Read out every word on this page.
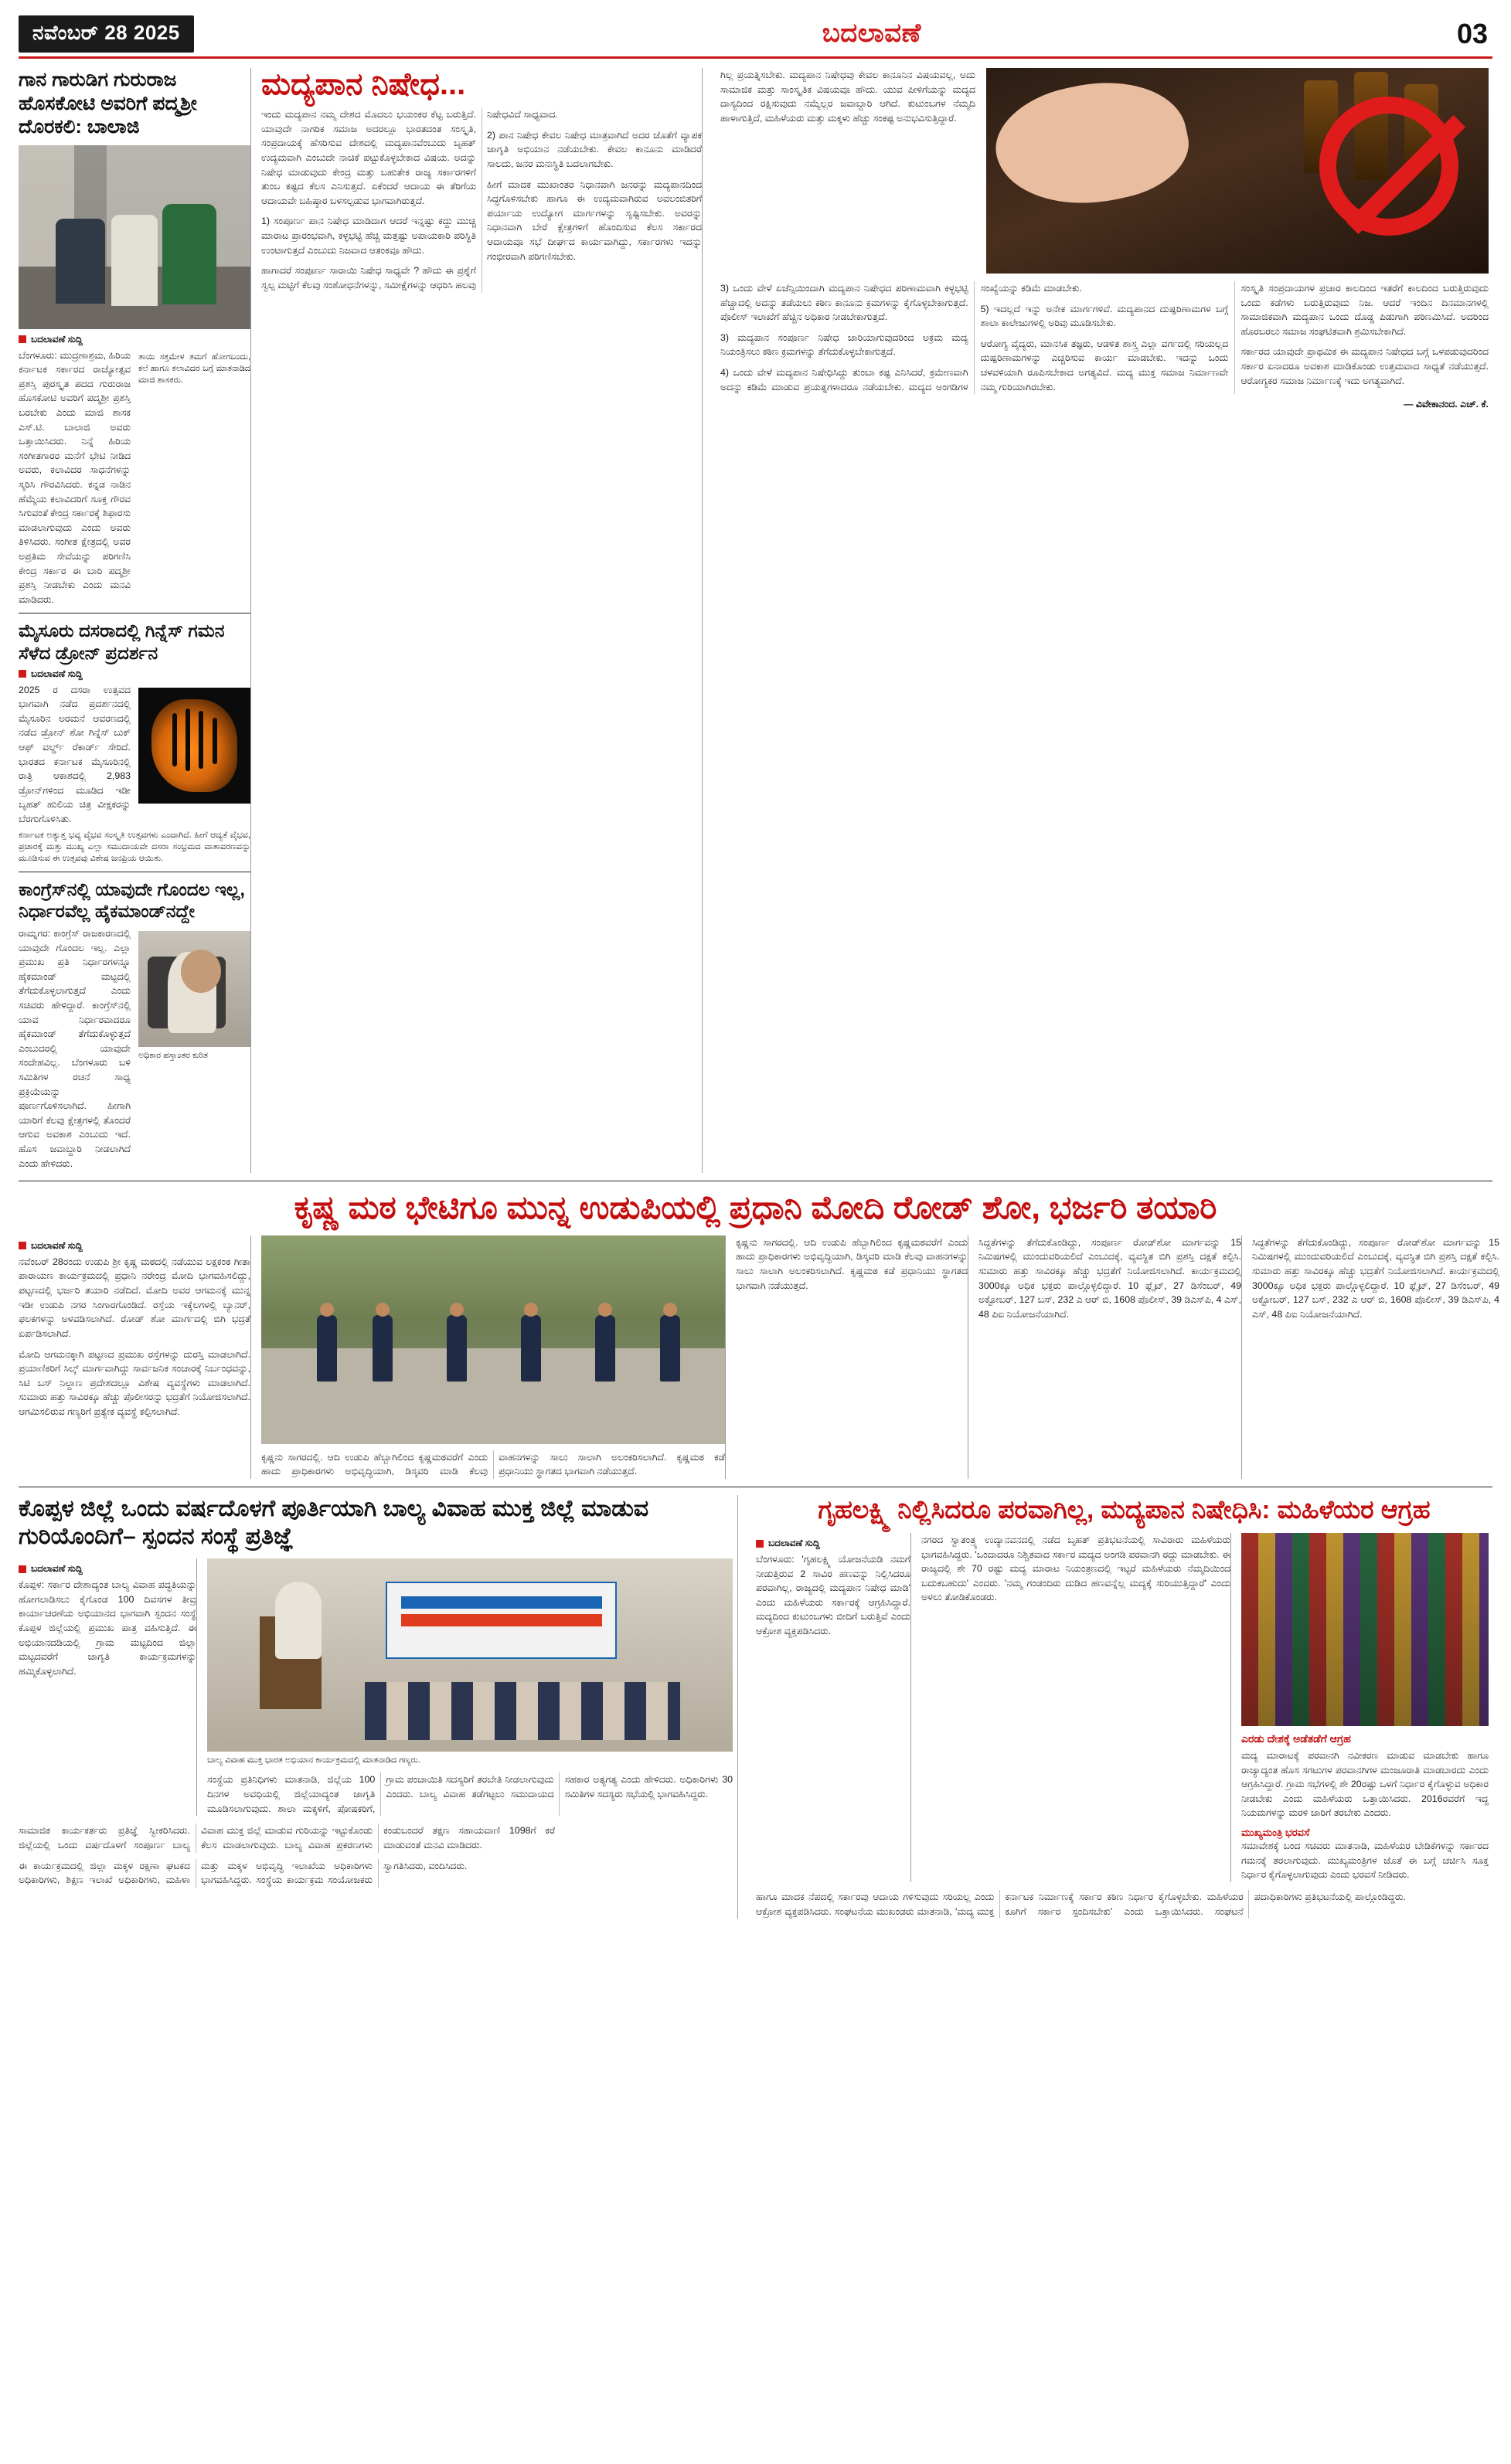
ನವೆಂಬರ್ 28 2025	ಬದಲಾವಣೆ	03
ಗಾನ ಗಾರುಡಿಗ ಗುರುರಾಜ ಹೊಸಕೋಟಿ ಅವರಿಗೆ ಪದ್ಮಶ್ರೀ ದೊರಕಲಿ: ಬಾಲಾಜಿ
ಬದಲಾವಣೆ ಸುದ್ದಿ
ಬೆಂಗಳೂರು: ಮುದ್ರಣಾಶ್ರಮ, ಹಿರಿಯ ಕರ್ನಾಟಕ ಸರ್ಕಾರದ ರಾಜ್ಯೋತ್ಸವ ಪ್ರಶಸ್ತಿ ಪುರಸ್ಕೃತ ಪದದ ಗುರುರಾಜ ಹೊಸಕೋಟಿ ಅವರಿಗೆ ಪದ್ಮಶ್ರೀ ಪ್ರಶಸ್ತಿ ಬರಬೇಕು ಎಂದು ಮಾಜಿ ಶಾಸಕ ಎಸ್.ಟಿ. ಬಾಲಾಜಿ ಅವರು ಒತ್ತಾಯಿಸಿದರು. ನಿನ್ನೆ ಹಿರಿಯ ಸಂಗೀತಗಾರರ ಮನೆಗೆ ಭೇಟಿ ನೀಡಿದ ಅವರು, ಕಲಾವಿದರ ಸಾಧನೆಗಳನ್ನು ಸ್ಮರಿಸಿ ಗೌರವಿಸಿದರು. ಕನ್ನಡ ನಾಡಿನ ಹೆಮ್ಮೆಯ ಕಲಾವಿದರಿಗೆ ಸೂಕ್ತ ಗೌರವ ಸಿಗುವಂತೆ ಕೇಂದ್ರ ಸರ್ಕಾರಕ್ಕೆ ಶಿಫಾರಸು ಮಾಡಲಾಗುವುದು ಎಂದು ಅವರು ತಿಳಿಸಿದರು. ಸಂಗೀತ ಕ್ಷೇತ್ರದಲ್ಲಿ ಅವರ ಅಪ್ರತಿಮ ಸೇವೆಯನ್ನು ಪರಿಗಣಿಸಿ ಕೇಂದ್ರ ಸರ್ಕಾರ ಈ ಬಾರಿ ಪದ್ಮಶ್ರೀ ಪ್ರಶಸ್ತಿ ನೀಡಬೇಕು ಎಂದು ಮನವಿ ಮಾಡಿದರು.
ತಾಯಿ ಸಕ್ತಮೇಳ ತಮಗೆ ಹೋಗಬಂದು, ಕಲೆ ಹಾಗೂ ಕಲಾವಿದರ ಬಗ್ಗೆ ಮಾತನಾಡಿದ ಮಾಜಿ ಶಾಸಕರು.
ಮೈಸೂರು ದಸರಾದಲ್ಲಿ ಗಿನ್ನೆಸ್ ಗಮನ ಸೆಳೆದ ಡ್ರೋನ್ ಪ್ರದರ್ಶನ
ಬದಲಾವಣೆ ಸುದ್ದಿ
2025 ರ ದಸರಾ ಉತ್ಸವದ ಭಾಗವಾಗಿ ನಡೆದ ಪ್ರದರ್ಶನದಲ್ಲಿ ಮೈಸೂರಿನ ಅರಮನೆ ಆವರಣದಲ್ಲಿ ನಡೆದ ಡ್ರೋನ್ ಶೋ ಗಿನ್ನೆಸ್ ಬುಕ್ ಆಫ್ ವರ್ಲ್ಡ್ ರೆಕಾರ್ಡ್ ಸೇರಿದೆ. ಭಾರತದ ಕರ್ನಾಟಕ ಮೈಸೂರಿನಲ್ಲಿ ರಾತ್ರಿ ಆಕಾಶದಲ್ಲಿ 2,983 ಡ್ರೋನ್‌ಗಳಿಂದ ಮೂಡಿದ ಇಡೀ ಬೃಹತ್ ಹುಲಿಯ ಚಿತ್ರ ವೀಕ್ಷಕರನ್ನು ಬೆರಗುಗೊಳಿಸಿತು.
ಕರ್ನಾಟಕ ಅತ್ಯುತ್ತ ಭವ್ಯ ವೈಭವ ಸಂಸ್ಕೃತಿ ಉತ್ಸವಗಳು ಎಂದಾಗಿದೆ. ಹೀಗೆ ಆದ್ಯತೆ ವೈಭವ, ಪ್ರಚಾರಕ್ಕೆ ಮತ್ತು ಮುಖ್ಯ ಎಲ್ಲಾ ಸಮುದಾಯವೇ ದಸರಾ ಸಂಭ್ರಮದ ವಾತಾವರಣವನ್ನು ಮೂಡಿಸುವ ಈ ಉತ್ಸವವು ವಿಶೇಷ ಜನಪ್ರಿಯ ಆಯಿತು.
ಕಾಂಗ್ರೆಸ್‌ನಲ್ಲಿ ಯಾವುದೇ ಗೊಂದಲ ಇಲ್ಲ, ನಿರ್ಧಾರವೆಲ್ಲ ಹೈಕಮಾಂಡ್‌ನದ್ದೇ
ರಾಮ್ನಗರ: ಕಾಂಗ್ರೆಸ್ ರಾಜಕಾರಣದಲ್ಲಿ ಯಾವುದೇ ಗೊಂದಲ ಇಲ್ಲ. ಎಲ್ಲಾ ಪ್ರಮುಖ ಪ್ರತಿ ನಿರ್ಧಾರಗಳನ್ನೂ ಹೈಕಮಾಂಡ್ ಮಟ್ಟದಲ್ಲಿ ತೆಗೆದುಕೊಳ್ಳಲಾಗುತ್ತದೆ ಎಂದು ಸಚಿವರು ಹೇಳಿದ್ದಾರೆ. ಕಾಂಗ್ರೆಸ್‌ನಲ್ಲಿ ಯಾವ ನಿರ್ಧಾರವಾದರೂ ಹೈಕಮಾಂಡ್ ತೆಗೆದುಕೊಳ್ಳುತ್ತದೆ ಎಂಬುದರಲ್ಲಿ ಯಾವುದೇ ಸಂದೇಹವಿಲ್ಲ. ಬೆಂಗಳೂರು ಬಳಿ ಸಮಿತಿಗಳ ರಚನೆ ಸಾಧ್ಯ ಪ್ರಕ್ರಿಯೆಯನ್ನು ಪೂರ್ಣಗೊಳಿಸಲಾಗಿದೆ. ಹೀಗಾಗಿ ಯಾರಿಗೆ ಕೆಲವು ಕ್ಷೇತ್ರಗಳಲ್ಲಿ ತೊಂದರೆ ಆಗುವ ಅವಕಾಶ ಎಂಬುದು ಇದೆ. ಹೊಸ ಜವಾಬ್ದಾರಿ ನೀಡಲಾಗಿದೆ ಎಂದು ಹೇಳಿದರು.
ಅಧಿಕಾರ ಹಸ್ತಾಂತರ ಕುರಿತ
ಮದ್ಯಪಾನ ನಿಷೇಧ...
ಇಂದು ಮದ್ಯಪಾನ ನಮ್ಮ ದೇಶದ ಮೊದಲು ಭಯಂಕರ ಕೆಟ್ಟ ಬರುತ್ತಿದೆ. ಯಾವುದೇ ನಾಗರಿಕ ಸಮಾಜ ಅದರಲ್ಲೂ ಭಾರತದಂತ ಸಂಸ್ಕೃತಿ, ಸಂಪ್ರದಾಯಕ್ಕೆ ಹೆಸರಿಸುವ ದೇಶದಲ್ಲಿ ಮದ್ಯಪಾನವೆಂಬುದು ಬೃಹತ್ ಉದ್ಯಮವಾಗಿ ಎಂಬುದೇ ನಾಚಿಕೆ ಪಟ್ಟುಕೊಳ್ಳಬೇಕಾದ ವಿಷಯ. ಅದನ್ನು ನಿಷೇಧ ಮಾಡುವುದು ಕೇಂದ್ರ ಮತ್ತು ಬಹುತೇಕ ರಾಜ್ಯ ಸರ್ಕಾರಗಳಿಗೆ ತುಂಬ ಕಷ್ಟದ ಕೆಲಸ ಎನಿಸುತ್ತದೆ. ಏಕೆಂದರೆ ಆದಾಯ ಈ ತೆರಿಗೆಯ ಆದಾಯವೇ ಬಹಿಷ್ಠಾರ ಬಳಸಲ್ಪಡುವ ಭಾಗವಾಗಿರುತ್ತದೆ.
1) ಸಂಪೂರ್ಣ ಪಾನ ನಿಷೇಧ ಮಾಡಿದಾಗ ಆದರೆ ಇನ್ನಷ್ಟು ಕದ್ದು ಮುಚ್ಚಿ ಮಾರಾಟ ಪ್ರಾರಂಭವಾಗಿ, ಕಳ್ಳಭಟ್ಟಿ ಹೆಚ್ಚಿ ಮತ್ತಷ್ಟು ಅಪಾಯಕಾರಿ ಪರಿಸ್ಥಿತಿ ಉಂಟಾಗುತ್ತದೆ ಎಂಬುದು ನಿಜವಾದ ಆತಂಕವೂ ಹೌದು.
ಹಾಗಾದರೆ ಸಂಪೂರ್ಣ ಸಾರಾಯಿ ನಿಷೇಧ ಸಾಧ್ಯವೇ ? ಹೌದು ಈ ಪ್ರಶ್ನೆಗೆ ಸ್ವಲ್ಪ ಮಟ್ಟಿಗೆ ಕೆಲವು ಸಂಶೋಧನೆಗಳನ್ನು, ಸಮೀಕ್ಷೆಗಳನ್ನು ಆಧರಿಸಿ ಹಲವು ನಿಷೇಧವಿದೆ ಸಾಧ್ಯವಾದ.
2) ಪಾನ ನಿಷೇಧ ಕೇವಲ ನಿಷೇಧ ಮಾತ್ರವಾಗಿದೆ ಅದರ ಜೊತೆಗೆ ವ್ಯಾಪಕ ಜಾಗೃತಿ ಅಭಿಯಾನ ನಡೆಯಬೇಕು. ಕೇವಲ ಕಾನೂನು ಮಾಡಿದರೆ ಸಾಲದು, ಜನರ ಮನಃಸ್ಥಿತಿ ಬದಲಾಗಬೇಕು.
ಹೀಗೆ ಮಾದಕ ಮುಖಾಂತರ ನಿಧಾನವಾಗಿ ಜನರನ್ನು ಮದ್ಯಪಾನದಿಂದ ಸಿದ್ಧಗೊಳಿಸಬೇಕು ಹಾಗೂ ಈ ಉದ್ಯಮವಾಗಿರುವ ಅವಲಂಬಿತರಿಗೆ ಪರ್ಯಾಯ ಉದ್ಯೋಗ ಮಾರ್ಗಗಳನ್ನು ಸೃಷ್ಟಿಸಬೇಕು. ಅವರನ್ನು ನಿಧಾನವಾಗಿ ಬೇರೆ ಕ್ಷೇತ್ರಗಳಿಗೆ ಹೊಂದಿಸುವ ಕೆಲಸ ಸರ್ಕಾರದ ಆದಾಯವೂ ಸಭೆ ದೀರ್ಘದ ಕಾರ್ಯವಾಗಿದ್ದು, ಸರ್ಕಾರಗಳು ಇದನ್ನು ಗಂಭೀರವಾಗಿ ಪರಿಗಣಿಸಬೇಕು.
ಗಿಲ್ಲ ಪ್ರಯತ್ನಿಸಬೇಕು. ಮದ್ಯಪಾನ ನಿಷೇಧವು ಕೇವಲ ಕಾನೂನಿನ ವಿಷಯವಲ್ಲ, ಅದು ಸಾಮಾಜಿಕ ಮತ್ತು ಸಾಂಸ್ಕೃತಿಕ ವಿಷಯವೂ ಹೌದು. ಯುವ ಪೀಳಿಗೆಯನ್ನು ಮದ್ಯದ ದಾಸ್ಯದಿಂದ ರಕ್ಷಿಸುವುದು ನಮ್ಮೆಲ್ಲರ ಜವಾಬ್ದಾರಿ ಆಗಿದೆ. ಕುಟುಂಬಗಳ ನೆಮ್ಮದಿ ಹಾಳಾಗುತ್ತಿದೆ, ಮಹಿಳೆಯರು ಮತ್ತು ಮಕ್ಕಳು ಹೆಚ್ಚು ಸಂಕಷ್ಟ ಅನುಭವಿಸುತ್ತಿದ್ದಾರೆ.
3) ಒಂದು ವೇಳೆ ಏಜೆನ್ಸಿಯಿಂದಾಗಿ ಮದ್ಯಪಾನ ನಿಷೇಧದ ಪರಿಣಾಮವಾಗಿ ಕಳ್ಳಭಟ್ಟಿ ಹೆಚ್ಚಾದಲ್ಲಿ ಅದನ್ನು ತಡೆಯಲು ಕಠಿಣ ಕಾನೂನು ಕ್ರಮಗಳನ್ನು ಕೈಗೊಳ್ಳಬೇಕಾಗುತ್ತದೆ. ಪೊಲೀಸ್ ಇಲಾಖೆಗೆ ಹೆಚ್ಚಿನ ಅಧಿಕಾರ ನೀಡಬೇಕಾಗುತ್ತದೆ.
3) ಮದ್ಯಪಾನ ಸಂಪೂರ್ಣ ನಿಷೇಧ ಜಾರಿಯಾಗುವುದರಿಂದ ಅಕ್ರಮ ಮದ್ಯ ನಿಯಂತ್ರಿಸಲು ಕಠಿಣ ಕ್ರಮಗಳನ್ನು ತೆಗೆದುಕೊಳ್ಳಬೇಕಾಗುತ್ತದೆ.
4) ಒಂದು ವೇಳೆ ಮದ್ಯಪಾನ ನಿಷೇಧಿಸಿದ್ದು ತುಂಬಾ ಕಷ್ಟ ಎನಿಸಿದರೆ, ಕ್ರಮೇಣವಾಗಿ ಅದನ್ನು ಕಡಿಮೆ ಮಾಡುವ ಪ್ರಯತ್ನಗಳಾದರೂ ನಡೆಯಬೇಕು. ಮದ್ಯದ ಅಂಗಡಿಗಳ ಸಂಖ್ಯೆಯನ್ನು ಕಡಿಮೆ ಮಾಡಬೇಕು.
5) ಇದಲ್ಲದೆ ಇನ್ನು ಅನೇಕ ಮಾರ್ಗಗಳಿವೆ. ಮದ್ಯಪಾನದ ದುಷ್ಪರಿಣಾಮಗಳ ಬಗ್ಗೆ ಶಾಲಾ ಕಾಲೇಜುಗಳಲ್ಲಿ ಅರಿವು ಮೂಡಿಸಬೇಕು.
ಆರೋಗ್ಯ ವೈದ್ಯರು, ಮಾನಸಿಕ ತಜ್ಞರು, ಆಡಳಿತ ಶಾಸ್ತ್ರ ಎಲ್ಲಾ ವರ್ಗದಲ್ಲಿ ಸರಿಯಲ್ಲದ ದುಷ್ಪರಿಣಾಮಗಳನ್ನು ಎಚ್ಚರಿಸುವ ಕಾರ್ಯ ಮಾಡಬೇಕು. ಇದನ್ನು ಒಂದು ಚಳವಳಿಯಾಗಿ ರೂಪಿಸಬೇಕಾದ ಅಗತ್ಯವಿದೆ. ಮದ್ಯ ಮುಕ್ತ ಸಮಾಜ ನಿರ್ಮಾಣವೇ ನಮ್ಮ ಗುರಿಯಾಗಿರಬೇಕು.
ಸಂಸ್ಕೃತಿ ಸಂಪ್ರದಾಯಗಳ ಪ್ರಚಾರ ಕಾಲದಿಂದ ಇತರೆಗೆ ಕಾಲದಿಂದ ಬರುತ್ತಿರುವುದು ಒಂದು ಕಡೆಗಳು ಬರುತ್ತಿರುವುದು ನಿಜ. ಆದರೆ ಇಂದಿನ ದಿನಮಾನಗಳಲ್ಲಿ ಸಾಮಾಜಿಕವಾಗಿ ಮದ್ಯಪಾನ ಒಂದು ದೊಡ್ಡ ಪಿಡುಗಾಗಿ ಪರಿಣಮಿಸಿದೆ. ಅದರಿಂದ ಹೊರಬರಲು ಸಮಾಜ ಸಂಘಟಿತವಾಗಿ ಶ್ರಮಿಸಬೇಕಾಗಿದೆ.
ಸರ್ಕಾರದ ಯಾವುದೇ ಪ್ರಾಥಮಿಕ ಈ ಮದ್ಯಪಾನ ನಿಷೇಧದ ಬಗ್ಗೆ ಒಳಪಡುವುದರಿಂದ ಸರ್ಕಾರ ಏನಾದರೂ ಅವಕಾಶ ಮಾಡಿಕೊಂಡು ಉತ್ತಮವಾದ ಸಾಧ್ಯತೆ ನಡೆಯುತ್ತದೆ. ಆರೋಗ್ಯಕರ ಸಮಾಜ ನಿರ್ಮಾಣಕ್ಕೆ ಇದು ಅಗತ್ಯವಾಗಿದೆ.
— ವಿವೇಕಾನಂದ. ಎಚ್. ಕೆ.
ಕೃಷ್ಣ ಮಠ ಭೇಟಿಗೂ ಮುನ್ನ ಉಡುಪಿಯಲ್ಲಿ ಪ್ರಧಾನಿ ಮೋದಿ ರೋಡ್ ಶೋ, ಭರ್ಜರಿ ತಯಾರಿ
ಬದಲಾವಣೆ ಸುದ್ದಿ
ನವೆಂಬರ್ 28ರಂದು ಉಡುಪಿ ಶ್ರೀ ಕೃಷ್ಣ ಮಠದಲ್ಲಿ ನಡೆಯುವ ಲಕ್ಷಕಂಠ ಗೀತಾ ಪಾರಾಯಣ ಕಾರ್ಯಕ್ರಮದಲ್ಲಿ ಪ್ರಧಾನಿ ನರೇಂದ್ರ ಮೋದಿ ಭಾಗವಹಿಸಲಿದ್ದು, ಪಟ್ಟಣದಲ್ಲಿ ಭರ್ಜರಿ ತಯಾರಿ ನಡೆದಿದೆ. ಮೋದಿ ಅವರ ಆಗಮನಕ್ಕೆ ಮುನ್ನ ಇಡೀ ಉಡುಪಿ ನಗರ ಸಿಂಗಾರಗೊಂಡಿದೆ. ರಸ್ತೆಯ ಇಕ್ಕೆಲಗಳಲ್ಲಿ ಬ್ಯಾನರ್, ಫಲಕಗಳನ್ನು ಅಳವಡಿಸಲಾಗಿದೆ. ರೋಡ್ ಶೋ ಮಾರ್ಗದಲ್ಲಿ ಬಿಗಿ ಭದ್ರತೆ ಏರ್ಪಡಿಸಲಾಗಿದೆ.
ಮೋದಿ ಆಗಮನಕ್ಕಾಗಿ ಪಟ್ಟಣದ ಪ್ರಮುಖ ರಸ್ತೆಗಳನ್ನು ದುರಸ್ತಿ ಮಾಡಲಾಗಿದೆ. ಪ್ರಯಾಣಿಕರಿಗೆ ಸಿಲ್ಕ್ ಮಾರ್ಗವಾಗಿದ್ದು ಸಾರ್ವಜನಿಕ ಸಂಚಾರಕ್ಕೆ ನಿರ್ಬಂಧವನ್ನು, ಸಿಟಿ ಬಸ್ ನಿಲ್ದಾಣ ಪ್ರದೇಶದಲ್ಲೂ ವಿಶೇಷ ವ್ಯವಸ್ಥೆಗಳು ಮಾಡಲಾಗಿದೆ. ಸುಮಾರು ಹತ್ತು ಸಾವಿರಕ್ಕೂ ಹೆಚ್ಚು ಪೊಲೀಸರನ್ನು ಭದ್ರತೆಗೆ ನಿಯೋಜಿಸಲಾಗಿದೆ. ಆಗಮಿಸಲಿರುವ ಗಣ್ಯರಿಗೆ ಪ್ರತ್ಯೇಕ ವ್ಯವಸ್ಥೆ ಕಲ್ಪಿಸಲಾಗಿದೆ.
ಕೃಷ್ಣನು ಸಾಗರದಲ್ಲಿ. ಆದಿ ಉಡುಪಿ ಹೆಬ್ಬಾಗಿಲಿಂದ ಕೃಷ್ಣಮಠವರೆಗೆ ಎಂದು ಹಾದು ಪ್ರಾಧಿಕಾರಗಳು ಅಭಿವೃದ್ಧಿಯಾಗಿ, ಡಿಸ್ಕವರಿ ಮಾಡಿ ಕೆಲವು ವಾಹನಗಳನ್ನು ಸಾಲು ಸಾಲಾಗಿ ಅಲಂಕರಿಸಲಾಗಿದೆ. ಕೃಷ್ಣಮಠ ಕಡೆ ಪ್ರಧಾನಿಯು ಸ್ಥಾಗತದ ಭಾಗವಾಗಿ ನಡೆಯುತ್ತದೆ.
ಕೃಷ್ಣನು ಸಾಗರದಲ್ಲಿ. ಆದಿ ಉಡುಪಿ ಹೆಬ್ಬಾಗಿಲಿಂದ ಕೃಷ್ಣಮಠವರೆಗೆ ಎಂದು ಹಾದು ಪ್ರಾಧಿಕಾರಗಳು ಅಭಿವೃದ್ಧಿಯಾಗಿ, ಡಿಸ್ಕವರಿ ಮಾಡಿ ಕೆಲವು ವಾಹನಗಳನ್ನು ಸಾಲು ಸಾಲಾಗಿ ಅಲಂಕರಿಸಲಾಗಿದೆ. ಕೃಷ್ಣಮಠ ಕಡೆ ಪ್ರಧಾನಿಯು ಸ್ಥಾಗತದ ಭಾಗವಾಗಿ ನಡೆಯುತ್ತದೆ.
ಸಿದ್ಧತೆಗಳನ್ನು ತೆಗೆದುಕೊಂಡಿದ್ದು, ಸಂಪೂರ್ಣ ರೋಡ್‌ಶೋ ಮಾರ್ಗವನ್ನು 15 ನಿಮಿಷಗಳಲ್ಲಿ ಮುಂದುವರಿಯಲಿದೆ ಎಂಬುದಕ್ಕೆ, ವ್ಯವಸ್ಥಿತ ಬಿಗಿ ಪ್ರಶಸ್ತಿ ದಕ್ಷತೆ ಕಲ್ಪಿಸಿ. ಸುಮಾರು ಹತ್ತು ಸಾವಿರಕ್ಕೂ ಹೆಚ್ಚು ಭದ್ರತೆಗೆ ನಿಯೋಜಿಸಲಾಗಿದೆ. ಕಾರ್ಯಕ್ರಮದಲ್ಲಿ 3000ಕ್ಕೂ ಅಧಿಕ ಭಕ್ತರು ಪಾಲ್ಗೊಳ್ಳಲಿದ್ದಾರೆ. 10 ಫ್ಲೈಟ್, 27 ಡಿಸೆಂಬರ್, 49 ಅಕ್ಟೋಬರ್, 127 ಬಸ್, 232 ಎ ಆರ್ ಬಿ, 1608 ಪೊಲೀಸ್, 39 ಡಿಎಸ್‌ಪಿ, 4 ಎಸ್, 48 ಪಿಐ ನಿಯೋಜನೆಯಾಗಿದೆ.
ಸಿದ್ಧತೆಗಳನ್ನು ತೆಗೆದುಕೊಂಡಿದ್ದು, ಸಂಪೂರ್ಣ ರೋಡ್‌ಶೋ ಮಾರ್ಗವನ್ನು 15 ನಿಮಿಷಗಳಲ್ಲಿ ಮುಂದುವರಿಯಲಿದೆ ಎಂಬುದಕ್ಕೆ, ವ್ಯವಸ್ಥಿತ ಬಿಗಿ ಪ್ರಶಸ್ತಿ ದಕ್ಷತೆ ಕಲ್ಪಿಸಿ. ಸುಮಾರು ಹತ್ತು ಸಾವಿರಕ್ಕೂ ಹೆಚ್ಚು ಭದ್ರತೆಗೆ ನಿಯೋಜಿಸಲಾಗಿದೆ. ಕಾರ್ಯಕ್ರಮದಲ್ಲಿ 3000ಕ್ಕೂ ಅಧಿಕ ಭಕ್ತರು ಪಾಲ್ಗೊಳ್ಳಲಿದ್ದಾರೆ. 10 ಫ್ಲೈಟ್, 27 ಡಿಸೆಂಬರ್, 49 ಅಕ್ಟೋಬರ್, 127 ಬಸ್, 232 ಎ ಆರ್ ಬಿ, 1608 ಪೊಲೀಸ್, 39 ಡಿಎಸ್‌ಪಿ, 4 ಎಸ್, 48 ಪಿಐ ನಿಯೋಜನೆಯಾಗಿದೆ.
ಕೊಪ್ಪಳ ಜಿಲ್ಲೆ ಒಂದು ವರ್ಷದೊಳಗೆ ಪೂರ್ತಿಯಾಗಿ ಬಾಲ್ಯ ವಿವಾಹ ಮುಕ್ತ ಜಿಲ್ಲೆ ಮಾಡುವ ಗುರಿಯೊಂದಿಗೆ– ಸ್ಪಂದನ ಸಂಸ್ಥೆ ಪ್ರತಿಜ್ಞೆ
ಬದಲಾವಣೆ ಸುದ್ದಿ
ಕೊಪ್ಪಳ: ಸರ್ಕಾರ ದೇಶಾದ್ಯಂತ ಬಾಲ್ಯ ವಿವಾಹ ಪದ್ಧತಿಯನ್ನು ಹೋಗಲಾಡಿಸಲು ಕೈಗೊಂಡ 100 ದಿವಸಗಳ ತೀವ್ರ ಕಾರ್ಯಾಚರಣೆಯ ಅಭಿಯಾನದ ಭಾಗವಾಗಿ ಸ್ಪಂದನ ಸಂಸ್ಥೆ ಕೊಪ್ಪಳ ಜಿಲ್ಲೆಯಲ್ಲಿ ಪ್ರಮುಖ ಪಾತ್ರ ವಹಿಸುತ್ತಿದೆ. ಈ ಅಭಿಯಾನದಡಿಯಲ್ಲಿ ಗ್ರಾಮ ಮಟ್ಟದಿಂದ ಜಿಲ್ಲಾ ಮಟ್ಟದವರೆಗೆ ಜಾಗೃತಿ ಕಾರ್ಯಕ್ರಮಗಳನ್ನು ಹಮ್ಮಿಕೊಳ್ಳಲಾಗಿದೆ.
ಬಾಲ್ಯ ವಿವಾಹ ಮುಕ್ತ ಭಾರತ ಅಭಿಯಾನ ಕಾರ್ಯಕ್ರಮದಲ್ಲಿ ಮಾತನಾಡಿದ ಗಣ್ಯರು.
ಸಂಸ್ಥೆಯ ಪ್ರತಿನಿಧಿಗಳು ಮಾತನಾಡಿ, ಜಿಲ್ಲೆಯ 100 ದಿನಗಳ ಅವಧಿಯಲ್ಲಿ ಜಿಲ್ಲೆಯಾದ್ಯಂತ ಜಾಗೃತಿ ಮೂಡಿಸಲಾಗುವುದು. ಶಾಲಾ ಮಕ್ಕಳಿಗೆ, ಪೋಷಕರಿಗೆ, ಗ್ರಾಮ ಪಂಚಾಯಿತಿ ಸದಸ್ಯರಿಗೆ ತರಬೇತಿ ನೀಡಲಾಗುವುದು ಎಂದರು. ಬಾಲ್ಯ ವಿವಾಹ ತಡೆಗಟ್ಟಲು ಸಮುದಾಯದ ಸಹಕಾರ ಅತ್ಯಗತ್ಯ ಎಂದು ಹೇಳಿದರು. ಅಧಿಕಾರಿಗಳು 30 ಸಮಿತಿಗಳ ಸದಸ್ಯರು ಸಭೆಯಲ್ಲಿ ಭಾಗವಹಿಸಿದ್ದರು.
ಸಾಮಾಜಿಕ ಕಾರ್ಯಕರ್ತರು ಪ್ರತಿಜ್ಞೆ ಸ್ವೀಕರಿಸಿದರು. ಜಿಲ್ಲೆಯಲ್ಲಿ ಒಂದು ವರ್ಷದೊಳಗೆ ಸಂಪೂರ್ಣ ಬಾಲ್ಯ ವಿವಾಹ ಮುಕ್ತ ಜಿಲ್ಲೆ ಮಾಡುವ ಗುರಿಯನ್ನು ಇಟ್ಟುಕೊಂಡು ಕೆಲಸ ಮಾಡಲಾಗುವುದು. ಬಾಲ್ಯ ವಿವಾಹ ಪ್ರಕರಣಗಳು ಕಂಡುಬಂದರೆ ತಕ್ಷಣ ಸಹಾಯವಾಣಿ 1098ಗೆ ಕರೆ ಮಾಡುವಂತೆ ಮನವಿ ಮಾಡಿದರು.
ಈ ಕಾರ್ಯಕ್ರಮದಲ್ಲಿ ಜಿಲ್ಲಾ ಮಕ್ಕಳ ರಕ್ಷಣಾ ಘಟಕದ ಅಧಿಕಾರಿಗಳು, ಶಿಕ್ಷಣ ಇಲಾಖೆ ಅಧಿಕಾರಿಗಳು, ಮಹಿಳಾ ಮತ್ತು ಮಕ್ಕಳ ಅಭಿವೃದ್ಧಿ ಇಲಾಖೆಯ ಅಧಿಕಾರಿಗಳು ಭಾಗವಹಿಸಿದ್ದರು. ಸಂಸ್ಥೆಯ ಕಾರ್ಯಕ್ರಮ ಸಂಯೋಜಕರು ಸ್ವಾಗತಿಸಿದರು, ವಂದಿಸಿದರು.
ಗೃಹಲಕ್ಷ್ಮಿ ನಿಲ್ಲಿಸಿದರೂ ಪರವಾಗಿಲ್ಲ, ಮದ್ಯಪಾನ ನಿಷೇಧಿಸಿ: ಮಹಿಳೆಯರ ಆಗ್ರಹ
ಬದಲಾವಣೆ ಸುದ್ದಿ
ಬೆಂಗಳೂರು: 'ಗೃಹಲಕ್ಷ್ಮಿ ಯೋಜನೆಯಡಿ ನಮಗೆ ನೀಡುತ್ತಿರುವ 2 ಸಾವಿರ ಹಣವನ್ನು ನಿಲ್ಲಿಸಿದರೂ ಪರವಾಗಿಲ್ಲ, ರಾಜ್ಯದಲ್ಲಿ ಮದ್ಯಪಾನ ನಿಷೇಧ ಮಾಡಿ' ಎಂದು ಮಹಿಳೆಯರು ಸರ್ಕಾರಕ್ಕೆ ಆಗ್ರಹಿಸಿದ್ದಾರೆ. ಮದ್ಯದಿಂದ ಕುಟುಂಬಗಳು ಬೀದಿಗೆ ಬರುತ್ತಿವೆ ಎಂದು ಆಕ್ರೋಶ ವ್ಯಕ್ತಪಡಿಸಿದರು.
ನಗರದ ಸ್ವಾತಂತ್ರ್ಯ ಉದ್ಯಾನವನದಲ್ಲಿ ನಡೆದ ಬೃಹತ್ ಪ್ರತಿಭಟನೆಯಲ್ಲಿ ಸಾವಿರಾರು ಮಹಿಳೆಯರು ಭಾಗವಹಿಸಿದ್ದರು. 'ಒಂದಾದರೂ ನಿಶ್ಚಿತವಾದ ಸರ್ಕಾರ ಮದ್ಯದ ಅಂಗಡಿ ಪರವಾನಗಿ ರದ್ದು ಮಾಡಬೇಕು. ಈ ರಾಜ್ಯದಲ್ಲಿ ಶೇ 70 ರಷ್ಟು ಮದ್ಯ ಮಾರಾಟ ನಿಯಂತ್ರಣದಲ್ಲಿ ಇಟ್ಟರೆ ಮಹಿಳೆಯರು ನೆಮ್ಮದಿಯಿಂದ ಬದುಕಬಹುದು' ಎಂದರು. 'ನಮ್ಮ ಗಂಡಂದಿರು ದುಡಿದ ಹಣವನ್ನೆಲ್ಲ ಮದ್ಯಕ್ಕೆ ಸುರಿಯುತ್ತಿದ್ದಾರೆ' ಎಂದು ಅಳಲು ತೋಡಿಕೊಂಡರು.
ಎರಡು ದೇಶಕ್ಕೆ ಅಡೆತಡೆಗೆ ಆಗ್ರಹ
ಮದ್ಯ ಮಾರಾಟಕ್ಕೆ ಪರವಾನಗಿ ನವೀಕರಣ ಮಾಡುವ ಮಾಡಬೇಕು ಹಾಗೂ ರಾಜ್ಯಾದ್ಯಂತ ಹೊಸ ಸಗಟುಗಳ ಪರವಾನಗಿಗಳ ಮಂಜೂರಾತಿ ಮಾಡಬಾರದು ಎಂದು ಆಗ್ರಹಿಸಿದ್ದಾರೆ. ಗ್ರಾಮ ಸಭೆಗಳಲ್ಲಿ ಶೇ 20ರಷ್ಟು ಒಳಗೆ ನಿರ್ಧಾರ ಕೈಗೊಳ್ಳುವ ಅಧಿಕಾರ ನೀಡಬೇಕು ಎಂದು ಮಹಿಳೆಯರು ಒತ್ತಾಯಿಸಿದರು. 2016ರವರೆಗೆ ಇದ್ದ ನಿಯಮಗಳನ್ನು ಮರಳಿ ಜಾರಿಗೆ ತರಬೇಕು ಎಂದರು.
ಮುಖ್ಯಮಂತ್ರಿ ಭರವಸೆ
ಸಮಾವೇಶಕ್ಕೆ ಬಂದ ಸಚಿವರು ಮಾತನಾಡಿ, ಮಹಿಳೆಯರ ಬೇಡಿಕೆಗಳನ್ನು ಸರ್ಕಾರದ ಗಮನಕ್ಕೆ ತರಲಾಗುವುದು. ಮುಖ್ಯಮಂತ್ರಿಗಳ ಜೊತೆ ಈ ಬಗ್ಗೆ ಚರ್ಚಿಸಿ ಸೂಕ್ತ ನಿರ್ಧಾರ ಕೈಗೊಳ್ಳಲಾಗುವುದು ಎಂದು ಭರವಸೆ ನೀಡಿದರು.
ಹಾಗೂ ಮಾದಕ ನೆಪದಲ್ಲಿ ಸರ್ಕಾರವು ಆದಾಯ ಗಳಿಸುವುದು ಸರಿಯಲ್ಲ ಎಂದು ಆಕ್ರೋಶ ವ್ಯಕ್ತಪಡಿಸಿದರು. ಸಂಘಟನೆಯ ಮುಖಂಡರು ಮಾತನಾಡಿ, 'ಮದ್ಯ ಮುಕ್ತ ಕರ್ನಾಟಕ ನಿರ್ಮಾಣಕ್ಕೆ ಸರ್ಕಾರ ಕಠಿಣ ನಿರ್ಧಾರ ಕೈಗೊಳ್ಳಬೇಕು. ಮಹಿಳೆಯರ ಕೂಗಿಗೆ ಸರ್ಕಾರ ಸ್ಪಂದಿಸಬೇಕು' ಎಂದು ಒತ್ತಾಯಿಸಿದರು. ಸಂಘಟನೆ ಪದಾಧಿಕಾರಿಗಳು ಪ್ರತಿಭಟನೆಯಲ್ಲಿ ಪಾಲ್ಗೊಂಡಿದ್ದರು.
